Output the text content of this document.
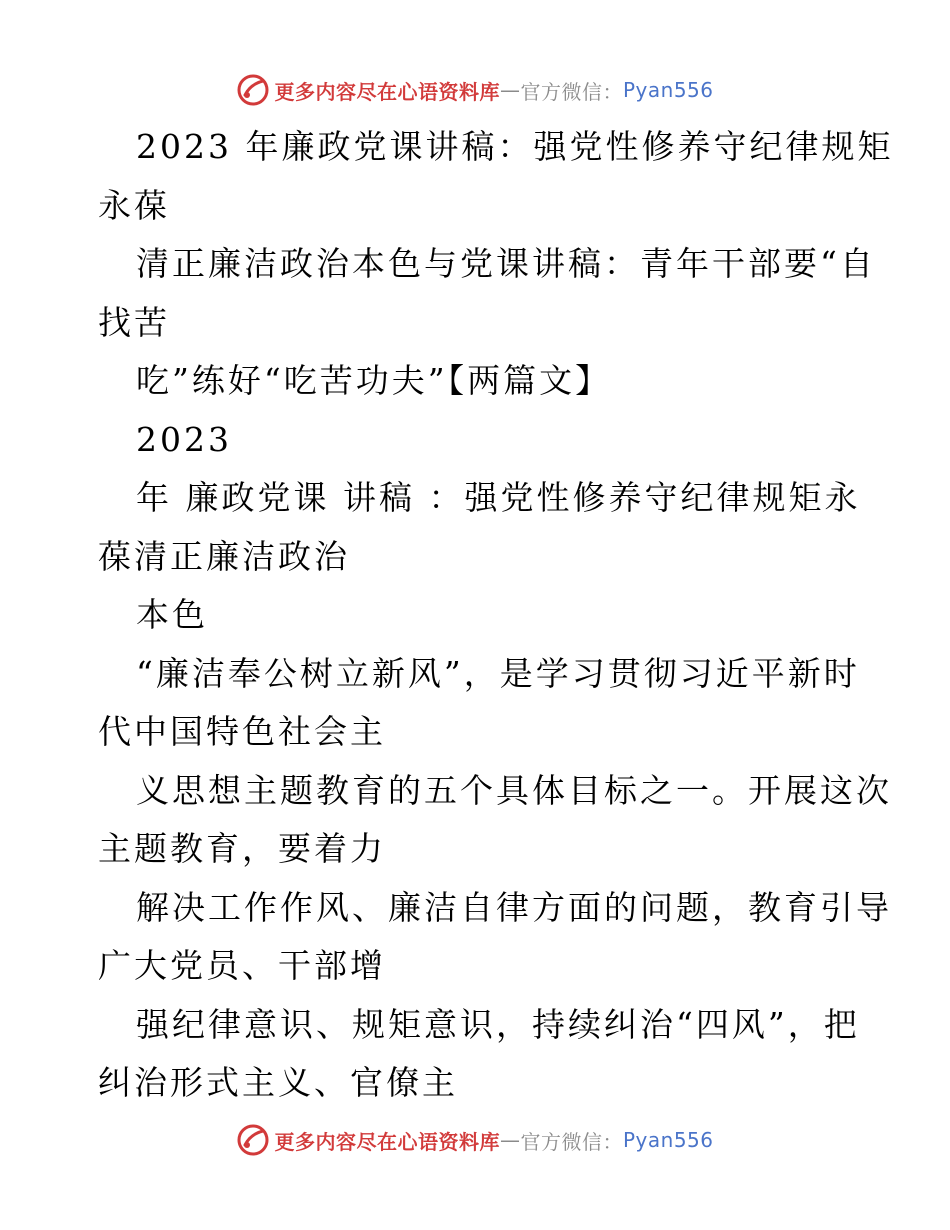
更多内容尽在心语资料库 — 官方微信： Pyan556
2023 年廉政党课讲稿：强党性修养守纪律规矩
永葆
清正廉洁政治本色与党课讲稿：青年干部要“自
找苦
吃”练好“吃苦功夫”【两篇文】
2023
年 廉政党课 讲稿 ：强党性修养守纪律规矩永
葆清正廉洁政治
本色
“廉洁奉公树立新风”，是学习贯彻习近平新时
代中国特色社会主
义思想主题教育的五个具体目标之一。开展这次
主题教育，要着力
解决工作作风、廉洁自律方面的问题，教育引导
广大党员、干部增
强纪律意识、规矩意识，持续纠治“四风”，把
纠治形式主义、官僚主
更多内容尽在心语资料库 — 官方微信： Pyan556
